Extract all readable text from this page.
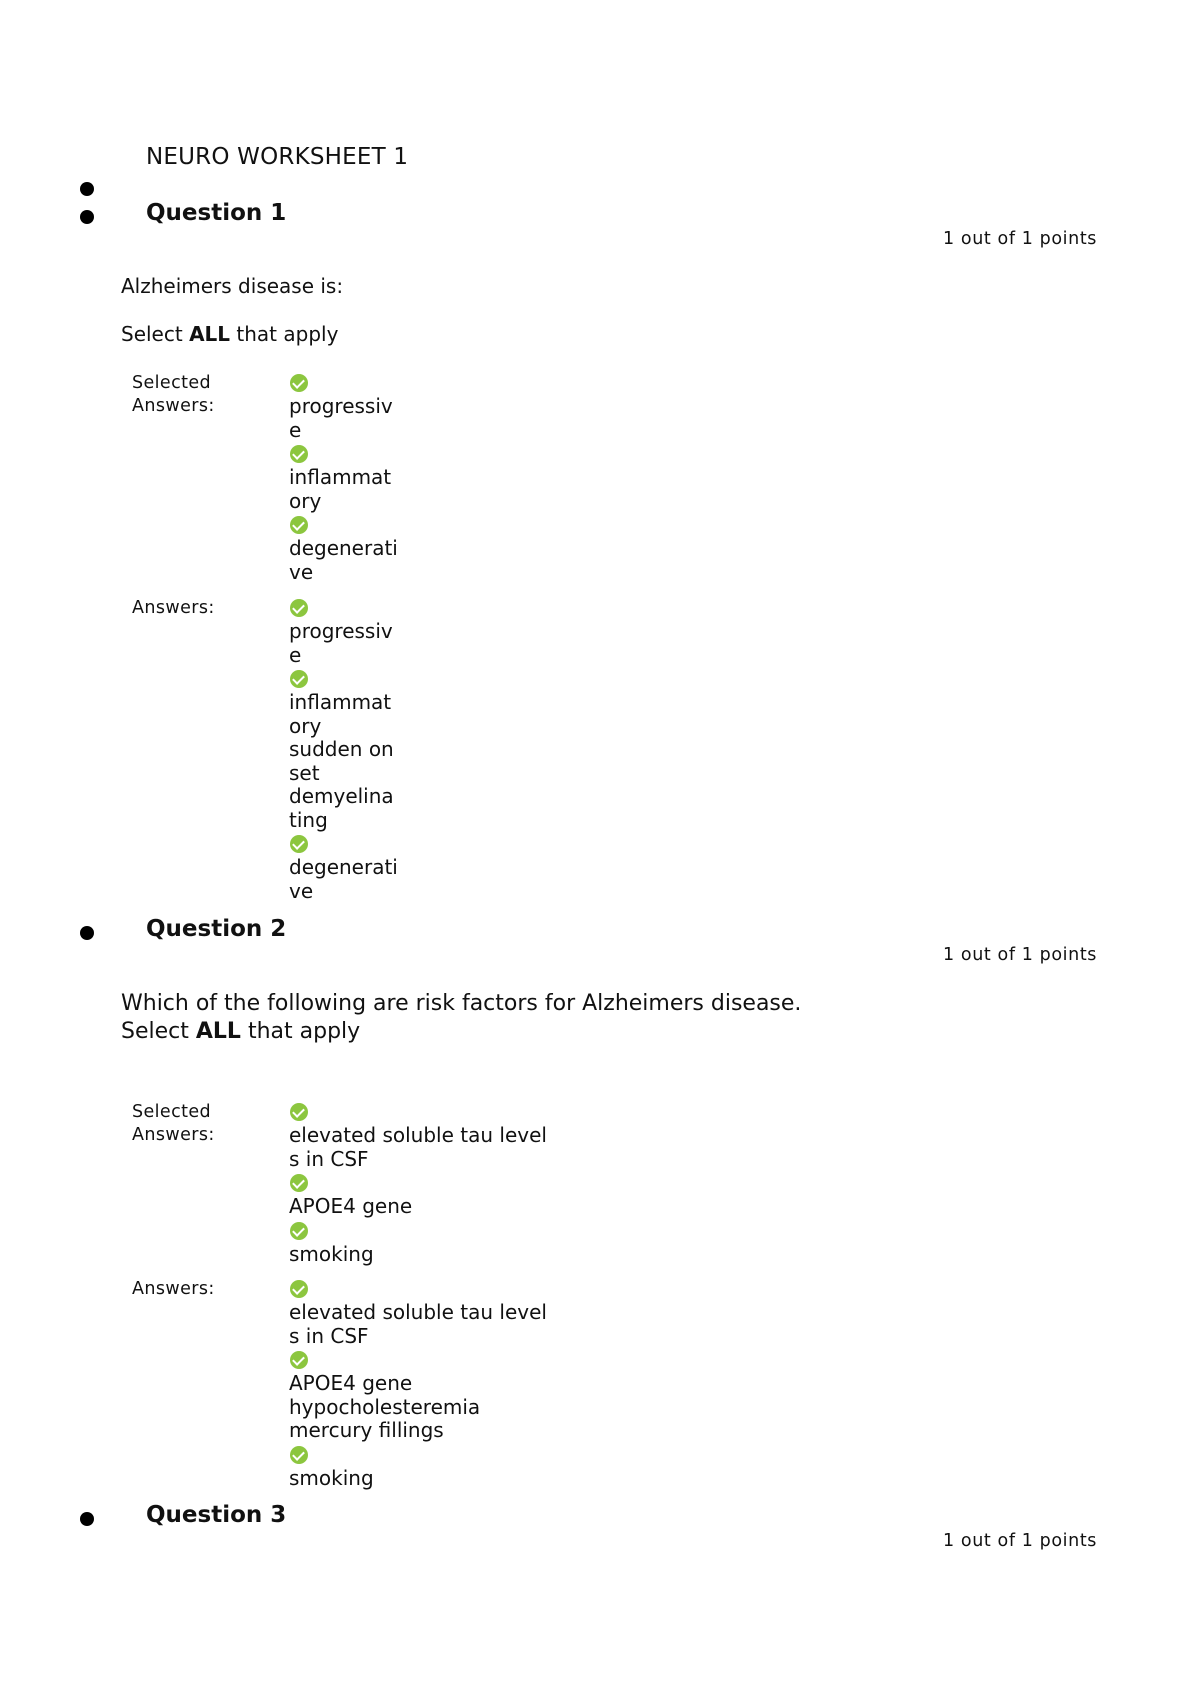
NEURO WORKSHEET 1
Question 1
1 out of 1 points
Alzheimers disease is:
Select ALL that apply
Selected Answers:	progressive
inflammatory
degenerative
Answers:
progressive
inflammatory
sudden onset
demyelinating
degenerative
Question 2
1 out of 1 points
Which of the following are risk factors for Alzheimers disease.
Select ALL that apply
Selected Answers:	elevated soluble tau levels in CSF
APOE4 gene
smoking
Answers:
elevated soluble tau levels in CSF
APOE4 gene
hypocholesteremia
mercury fillings
smoking
Question 3
1 out of 1 points
